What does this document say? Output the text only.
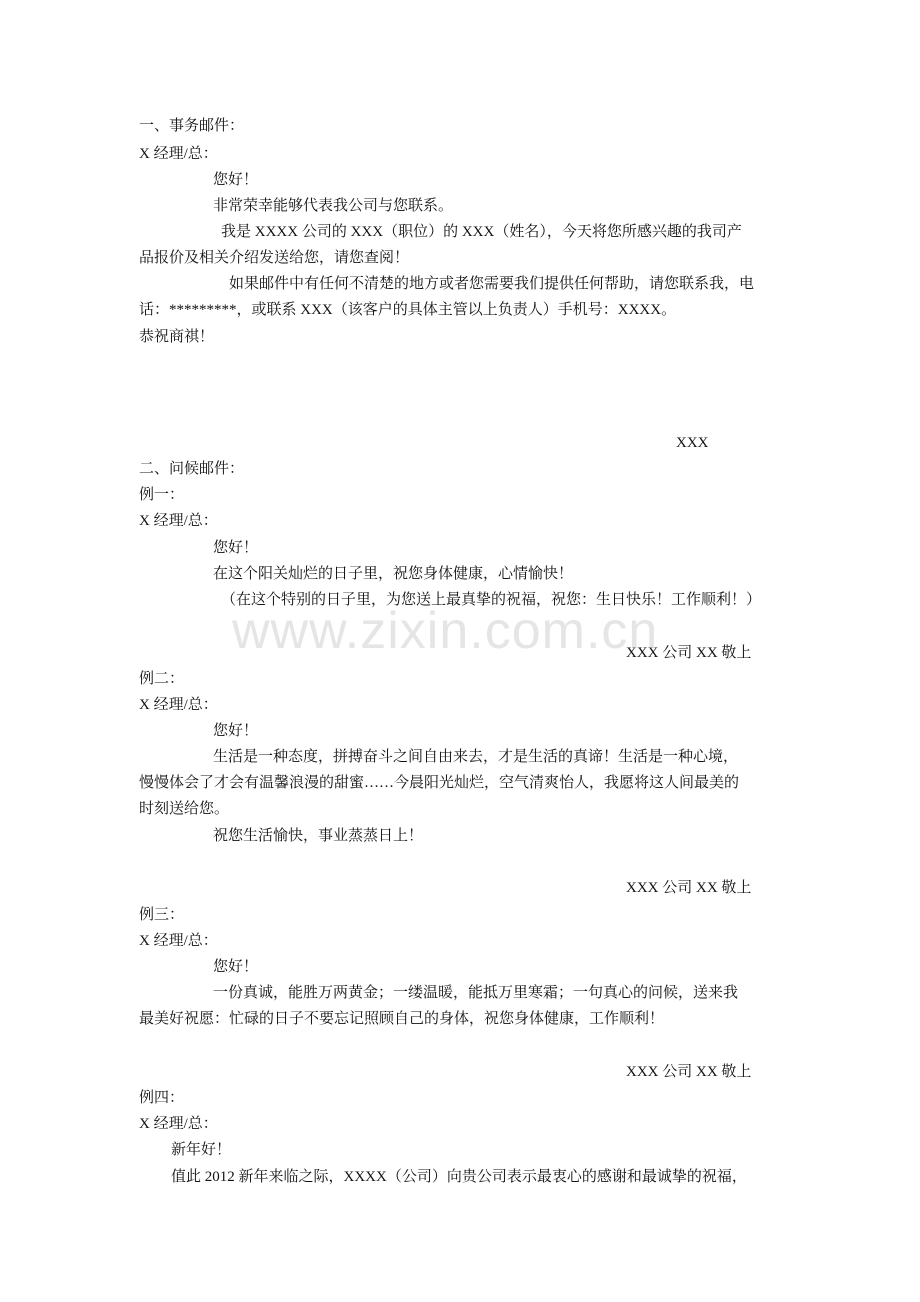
一、事务邮件：
X 经理/总：
您好！
非常荣幸能够代表我公司与您联系。
我是 XXXX 公司的 XXX（职位）的 XXX（姓名），今天将您所感兴趣的我司产
品报价及相关介绍发送给您，请您查阅！
如果邮件中有任何不清楚的地方或者您需要我们提供任何帮助，请您联系我，电
话：*********，或联系 XXX（该客户的具体主管以上负责人）手机号：XXXX。
恭祝商祺！
XXX
二、问候邮件：
例一：
X 经理/总：
您好！
在这个阳关灿烂的日子里，祝您身体健康，心情愉快！
（在这个特别的日子里，为您送上最真挚的祝福，祝您：生日快乐！工作顺利！）
XXX 公司 XX 敬上
例二：
X 经理/总：
您好！
生活是一种态度，拼搏奋斗之间自由来去，才是生活的真谛！生活是一种心境，
慢慢体会了才会有温馨浪漫的甜蜜……今晨阳光灿烂，空气清爽怡人，我愿将这人间最美的
时刻送给您。
祝您生活愉快，事业蒸蒸日上！
XXX 公司 XX 敬上
例三：
X 经理/总：
您好！
一份真诚，能胜万两黄金；一缕温暖，能抵万里寒霜；一句真心的问候，送来我
最美好祝愿：忙碌的日子不要忘记照顾自己的身体，祝您身体健康，工作顺利！
XXX 公司 XX 敬上
例四：
X 经理/总：
新年好！
值此 2012 新年来临之际，XXXX（公司）向贵公司表示最衷心的感谢和最诚挚的祝福，
www.zixin.com.cn
